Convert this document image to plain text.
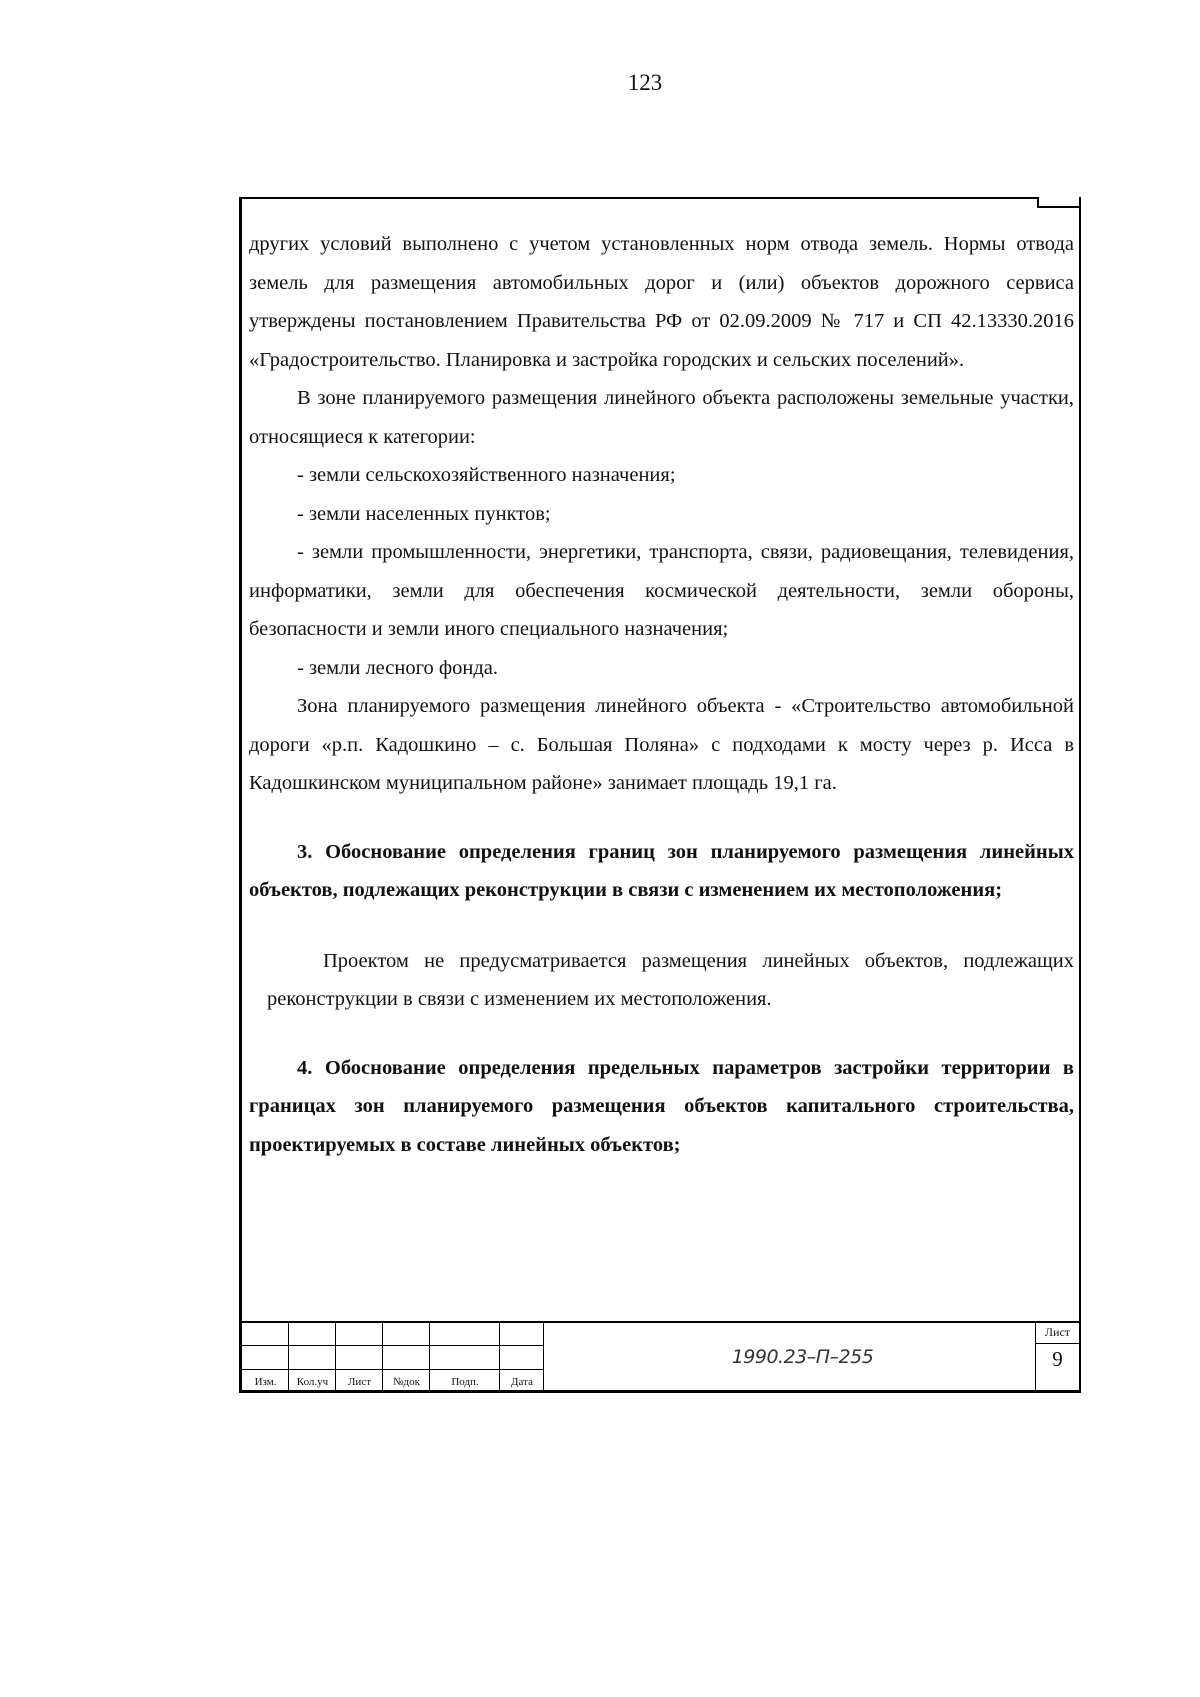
123

других условий выполнено с учетом установленных норм отвода земель. Нормы отвода земель для размещения автомобильных дорог и (или) объектов дорожного сервиса утверждены постановлением Правительства РФ от 02.09.2009 № 717 и СП 42.13330.2016 «Градостроительство. Планировка и застройка городских и сельских поселений».

В зоне планируемого размещения линейного объекта расположены земельные участки, относящиеся к категории:

- земли сельскохозяйственного назначения;

- земли населенных пунктов;

- земли промышленности, энергетики, транспорта, связи, радиовещания, телевидения, информатики, земли для обеспечения космической деятельности, земли обороны, безопасности и земли иного специального назначения;

- земли лесного фонда.

Зона планируемого размещения линейного объекта - «Строительство автомобильной дороги «р.п. Кадошкино – с. Большая Поляна» с подходами к мосту через р. Исса в Кадошкинском муниципальном районе» занимает площадь 19,1 га.

3. Обоснование определения границ зон планируемого размещения линейных объектов, подлежащих реконструкции в связи с изменением их местоположения;

Проектом не предусматривается размещения линейных объектов, подлежащих реконструкции в связи с изменением их местоположения.

4. Обоснование определения предельных параметров застройки территории в границах зон планируемого размещения объектов капитального строительства, проектируемых в составе линейных объектов;

Изм.	Кол.уч	Лист	№док	Подп.	Дата
1990.23–П–255
Лист
9
